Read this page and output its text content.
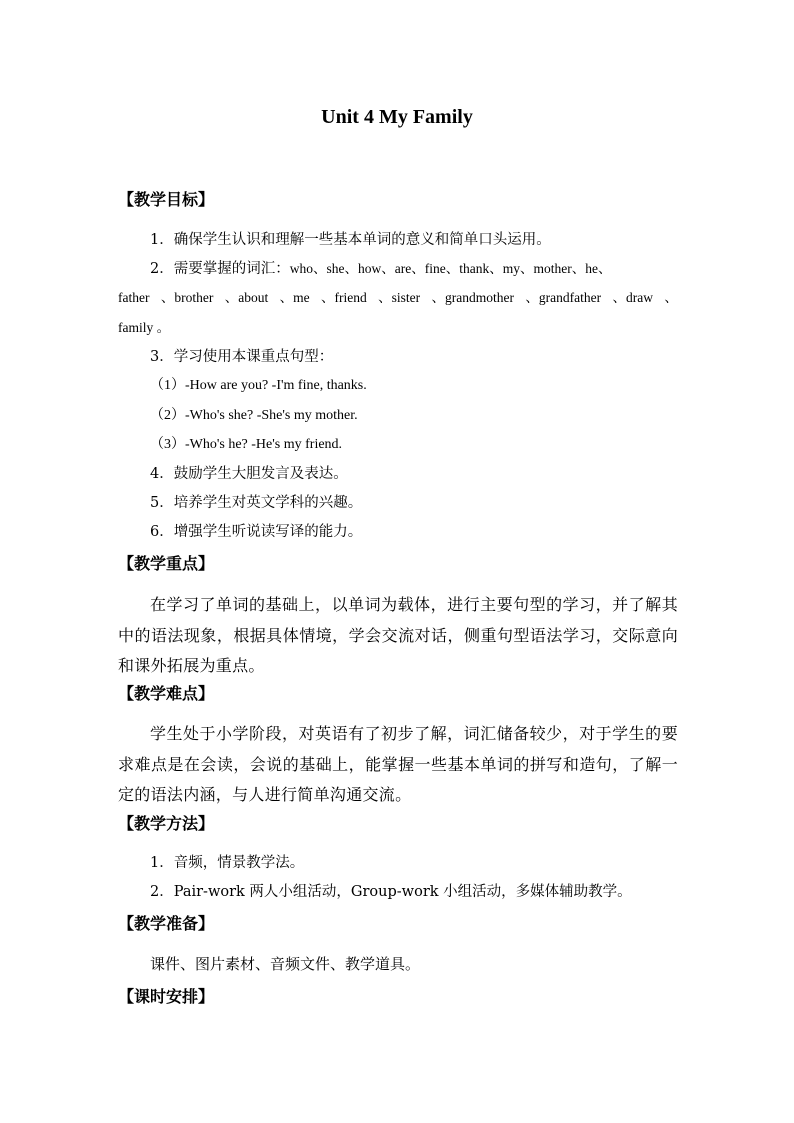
Unit 4 My Family
【教学目标】
1．确保学生认识和理解一些基本单词的意义和简单口头运用。
2．需要掌握的词汇：who、she、how、are、fine、thank、my、mother、he、
father 、brother 、about 、me 、friend 、sister 、grandmother 、grandfather 、draw 、
family 。
3．学习使用本课重点句型：
（1）-How are you? -I'm fine, thanks.
（2）-Who's she? -She's my mother.
（3）-Who's he? -He's my friend.
4．鼓励学生大胆发言及表达。
5．培养学生对英文学科的兴趣。
6．增强学生听说读写译的能力。
【教学重点】
在学习了单词的基础上，以单词为载体，进行主要句型的学习，并了解其中的语法现象，根据具体情境，学会交流对话，侧重句型语法学习，交际意向和课外拓展为重点。
【教学难点】
学生处于小学阶段，对英语有了初步了解，词汇储备较少，对于学生的要求难点是在会读，会说的基础上，能掌握一些基本单词的拼写和造句，了解一定的语法内涵，与人进行简单沟通交流。
【教学方法】
1．音频，情景教学法。
2．Pair-work 两人小组活动，Group-work 小组活动，多媒体辅助教学。
【教学准备】
课件、图片素材、音频文件、教学道具。
【课时安排】
